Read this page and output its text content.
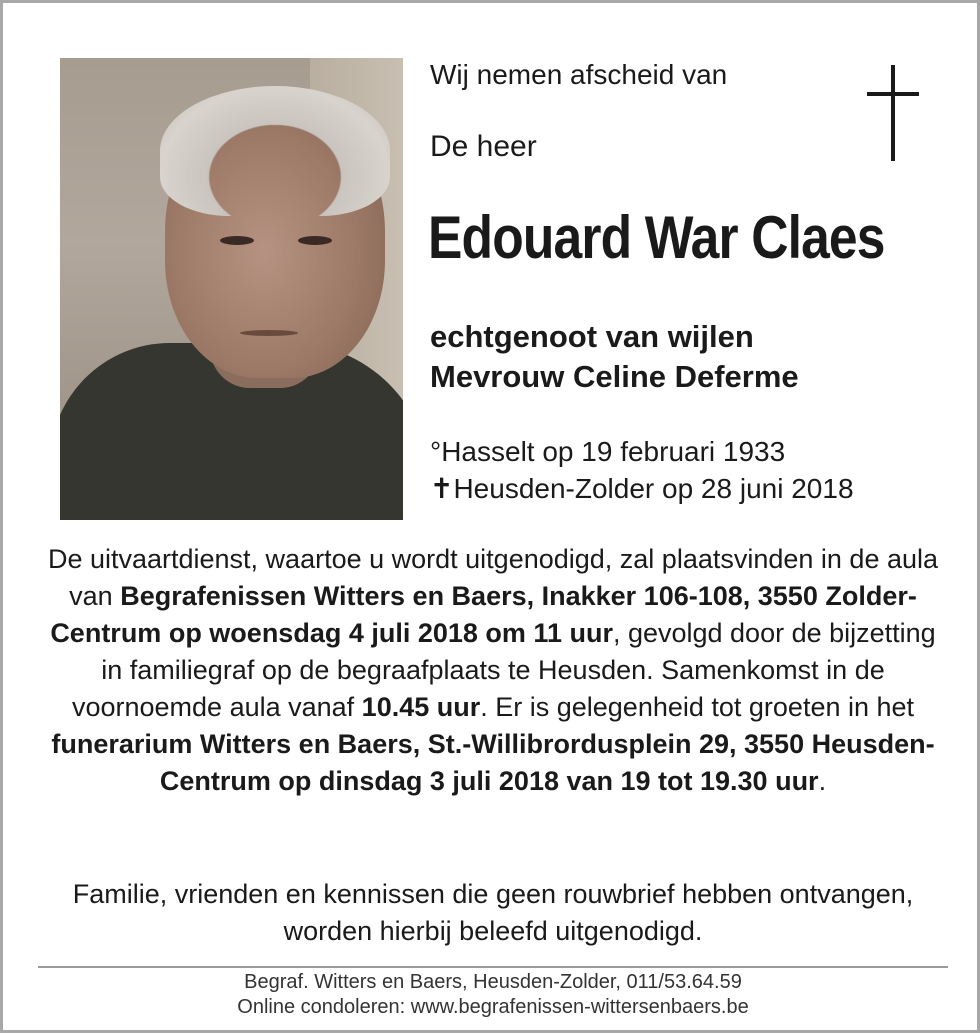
Wij nemen afscheid van
De heer
Edouard War Claes
echtgenoot van wijlen
Mevrouw Celine Deferme
°Hasselt op 19 februari 1933
✝Heusden-Zolder op 28 juni 2018
De uitvaartdienst, waartoe u wordt uitgenodigd, zal plaatsvinden in de aula van Begrafenissen Witters en Baers, Inakker 106-108, 3550 Zolder-Centrum op woensdag 4 juli 2018 om 11 uur, gevolgd door de bijzetting in familiegraf op de begraafplaats te Heusden. Samenkomst in de voornoemde aula vanaf 10.45 uur. Er is gelegenheid tot groeten in het funerarium Witters en Baers, St.-Willibrordusplein 29, 3550 Heusden-Centrum op dinsdag 3 juli 2018 van 19 tot 19.30 uur.
Familie, vrienden en kennissen die geen rouwbrief hebben ontvangen, worden hierbij beleefd uitgenodigd.
Begraf. Witters en Baers, Heusden-Zolder, 011/53.64.59
Online condoleren: www.begrafenissen-wittersenbaers.be
